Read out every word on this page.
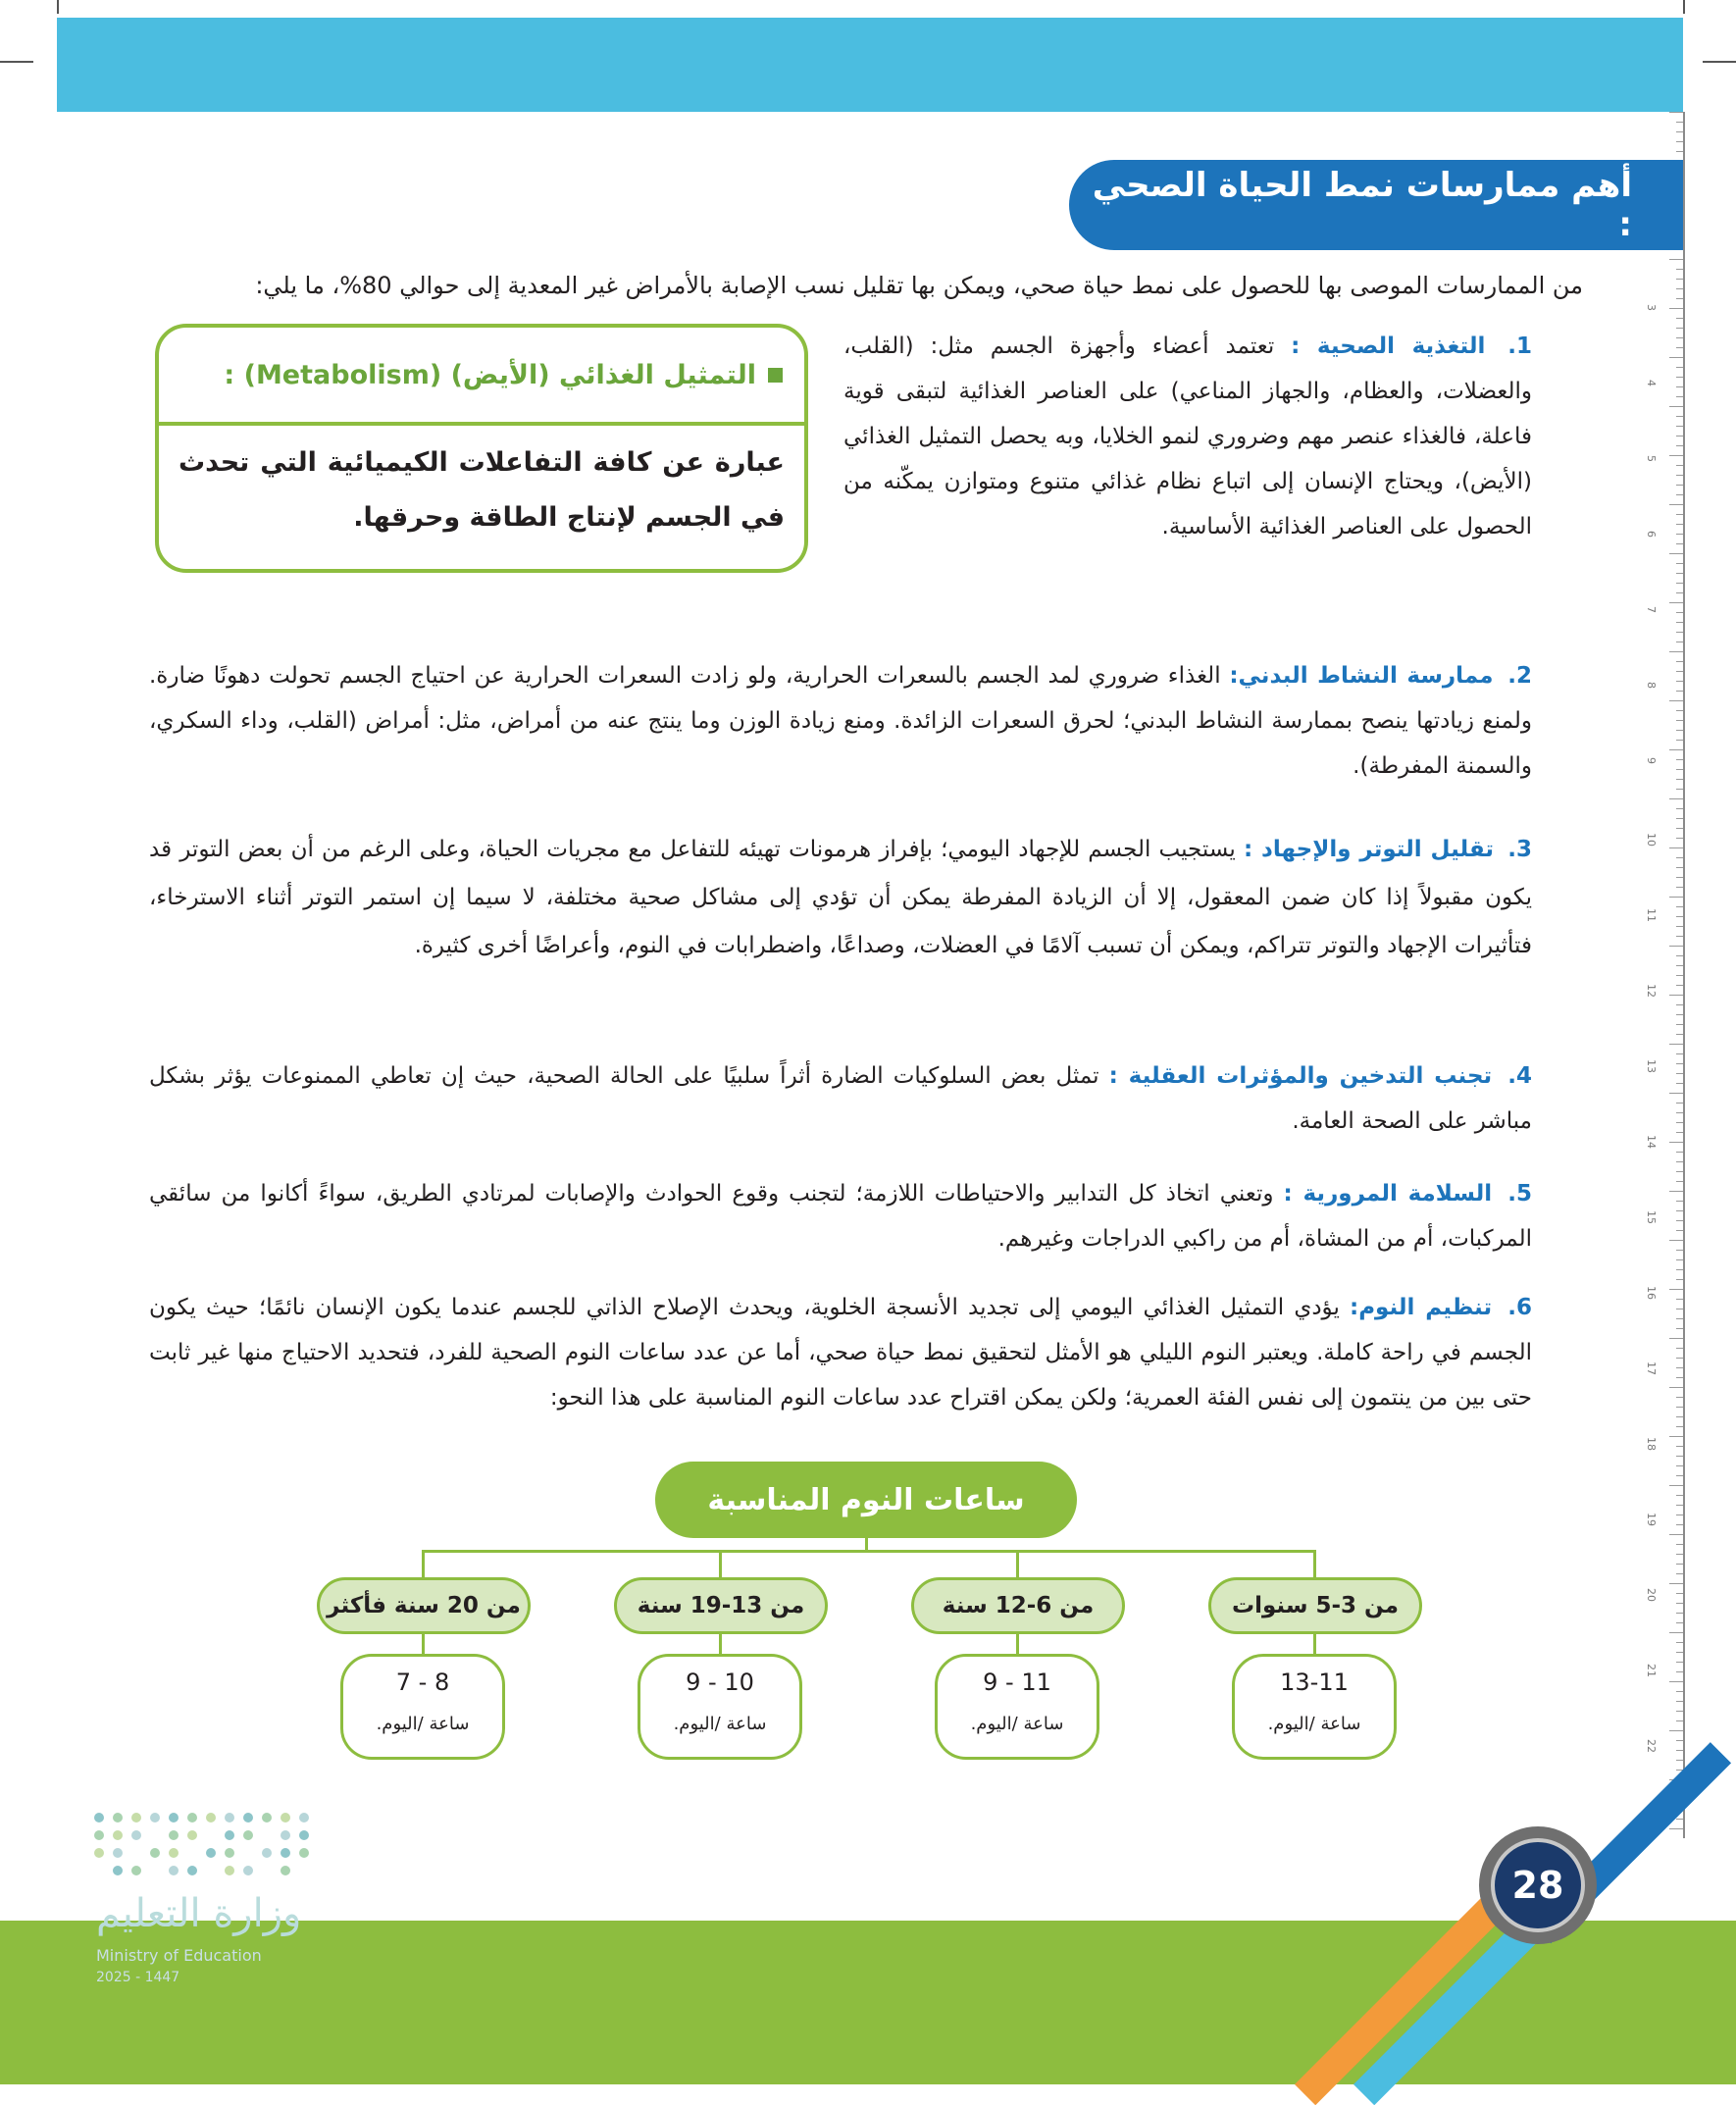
3
4
5
6
7
8
9
10
11
12
13
14
15
16
17
18
19
20
21
22
أهم ممارسات نمط الحياة الصحي :
من الممارسات الموصى بها للحصول على نمط حياة صحي، ويمكن بها تقليل نسب الإصابة بالأمراض غير المعدية إلى حوالي 80%، ما يلي:
التمثيل الغذائي (الأيض) (Metabolism) :
عبارة عن كافة التفاعلات الكيميائية التي تحدث في الجسم لإنتاج الطاقة وحرقها.
1. التغذية الصحية : تعتمد أعضاء وأجهزة الجسم مثل: (القلب، والعضلات، والعظام، والجهاز المناعي) على العناصر الغذائية لتبقى قوية فاعلة، فالغذاء عنصر مهم وضروري لنمو الخلايا، وبه يحصل التمثيل الغذائي (الأيض)، ويحتاج الإنسان إلى اتباع نظام غذائي متنوع ومتوازن يمكّنه من الحصول على العناصر الغذائية الأساسية.
2. ممارسة النشاط البدني: الغذاء ضروري لمد الجسم بالسعرات الحرارية، ولو زادت السعرات الحرارية عن احتياج الجسم تحولت دهونًا ضارة. ولمنع زيادتها ينصح بممارسة النشاط البدني؛ لحرق السعرات الزائدة. ومنع زيادة الوزن وما ينتج عنه من أمراض، مثل: أمراض (القلب، وداء السكري، والسمنة المفرطة).
3. تقليل التوتر والإجهاد : يستجيب الجسم للإجهاد اليومي؛ بإفراز هرمونات تهيئه للتفاعل مع مجريات الحياة، وعلى الرغم من أن بعض التوتر قد يكون مقبولاً إذا كان ضمن المعقول، إلا أن الزيادة المفرطة يمكن أن تؤدي إلى مشاكل صحية مختلفة، لا سيما إن استمر التوتر أثناء الاسترخاء، فتأثيرات الإجهاد والتوتر تتراكم، ويمكن أن تسبب آلامًا في العضلات، وصداعًا، واضطرابات في النوم، وأعراضًا أخرى كثيرة.
4. تجنب التدخين والمؤثرات العقلية : تمثل بعض السلوكيات الضارة أثراً سلبيًا على الحالة الصحية، حيث إن تعاطي الممنوعات يؤثر بشكل مباشر على الصحة العامة.
5. السلامة المرورية : وتعني اتخاذ كل التدابير والاحتياطات اللازمة؛ لتجنب وقوع الحوادث والإصابات لمرتادي الطريق، سواءً أكانوا من سائقي المركبات، أم من المشاة، أم من راكبي الدراجات وغيرهم.
6. تنظيم النوم: يؤدي التمثيل الغذائي اليومي إلى تجديد الأنسجة الخلوية، ويحدث الإصلاح الذاتي للجسم عندما يكون الإنسان نائمًا؛ حيث يكون الجسم في راحة كاملة. ويعتبر النوم الليلي هو الأمثل لتحقيق نمط حياة صحي، أما عن عدد ساعات النوم الصحية للفرد، فتحديد الاحتياج منها غير ثابت حتى بين من ينتمون إلى نفس الفئة العمرية؛ ولكن يمكن اقتراح عدد ساعات النوم المناسبة على هذا النحو:
ساعات النوم المناسبة
من 3-5 سنوات
من 6-12 سنة
من 13-19 سنة
من 20 سنة فأكثر
13-11
ساعة /اليوم.
9 - 11
ساعة /اليوم.
9 - 10
ساعة /اليوم.
7 - 8
ساعة /اليوم.
وزارة التعليم
Ministry of Education
2025 - 1447
28
